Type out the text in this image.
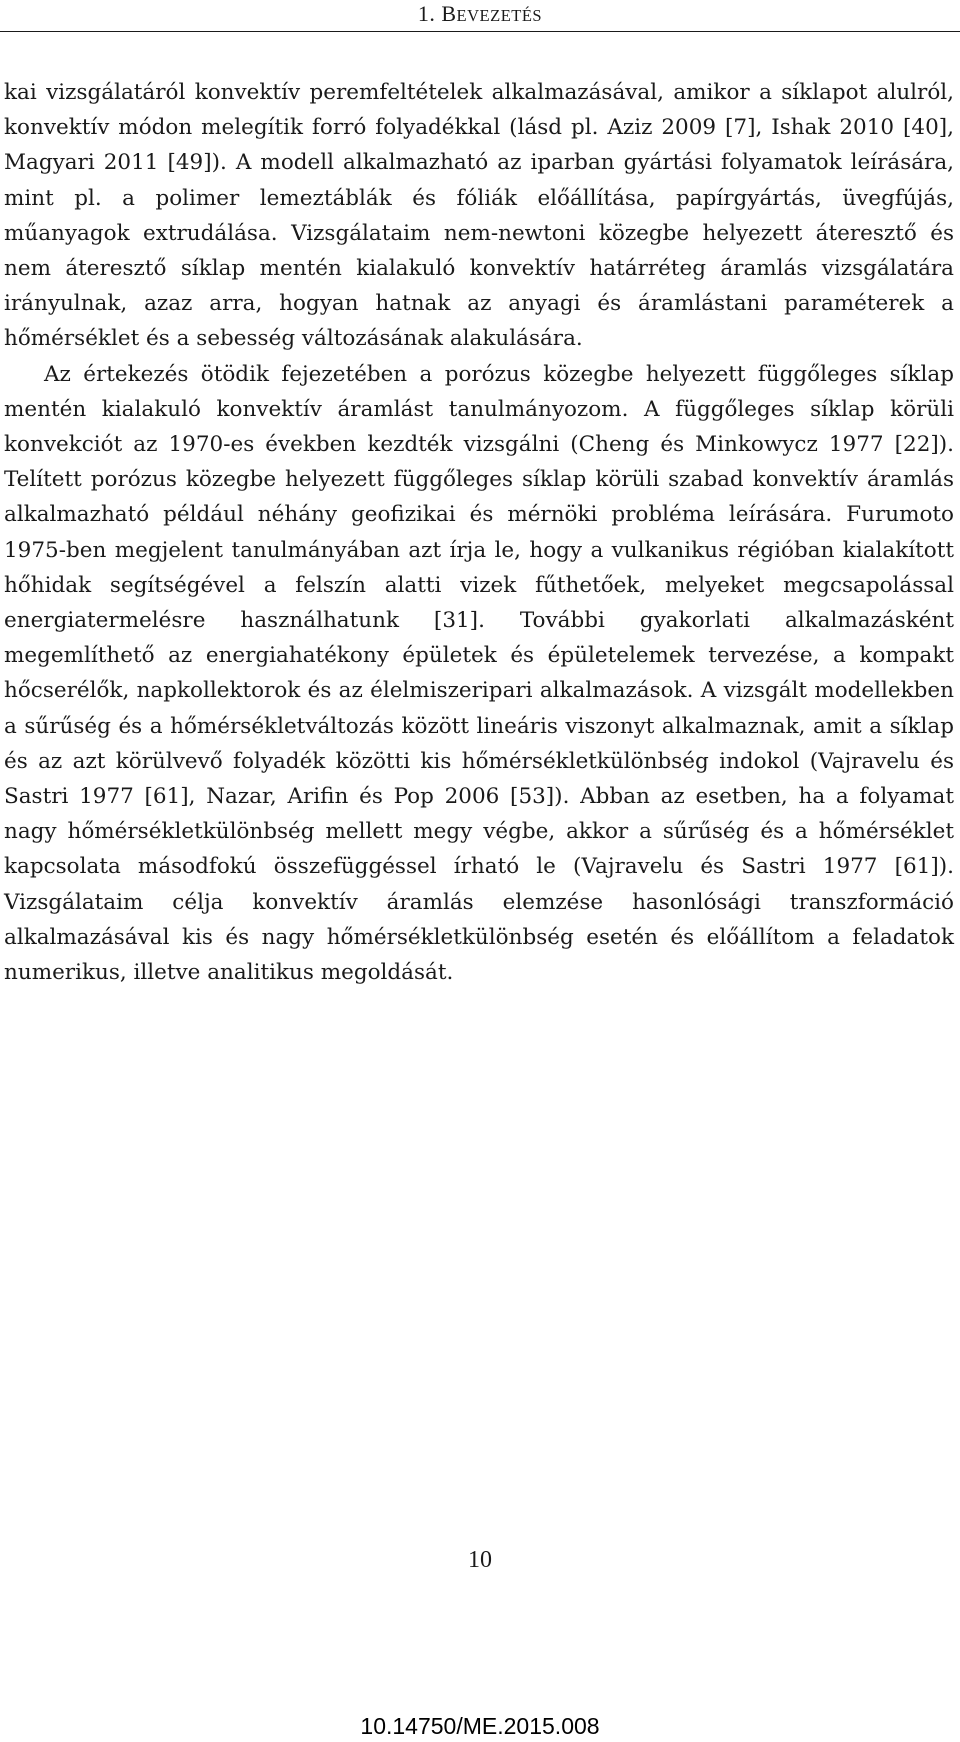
1. BEVEZETÉS

kai vizsgálatáról konvektív peremfeltételek alkalmazásával, amikor a síklapot alulról, konvektív módon melegítik forró folyadékkal (lásd pl. Aziz 2009 [7], Ishak 2010 [40], Magyari 2011 [49]). A modell alkalmazható az iparban gyártási folyamatok leírására, mint pl. a polimer lemeztáblák és fóliák előállítása, papírgyártás, üvegfújás, műanyagok extrudálása. Vizsgálataim nem-newtoni közegbe helyezett áteresztő és nem áteresztő síklap mentén kialakuló konvektív határréteg áramlás vizsgálatára irányulnak, azaz arra, hogyan hatnak az anyagi és áramlástani paraméterek a hőmérséklet és a sebesség változásának alakulására.

Az értekezés ötödik fejezetében a porózus közegbe helyezett függőleges síklap mentén kialakuló konvektív áramlást tanulmányozom. A függőleges síklap körüli konvekciót az 1970-es években kezdték vizsgálni (Cheng és Minkowycz 1977 [22]). Telített porózus közegbe helyezett függőleges síklap körüli szabad konvektív áramlás alkalmazható például néhány geofizikai és mérnöki probléma leírására. Furumoto 1975-ben megjelent tanulmányában azt írja le, hogy a vulkanikus régióban kialakított hőhidak segítségével a felszín alatti vizek fűthetőek, melyeket megcsapolással energiatermelésre használhatunk [31]. További gyakorlati alkalmazásként megemlíthető az energiahatékony épületek és épületelemek tervezése, a kompakt hőcserélők, napkollektorok és az élelmiszeripari alkalmazások. A vizsgált modellekben a sűrűség és a hőmérsékletváltozás között lineáris viszonyt alkalmaznak, amit a síklap és az azt körülvevő folyadék közötti kis hőmérsékletkülönbség indokol (Vajravelu és Sastri 1977 [61], Nazar, Arifin és Pop 2006 [53]). Abban az esetben, ha a folyamat nagy hőmérsékletkülönbség mellett megy végbe, akkor a sűrűség és a hőmérséklet kapcsolata másodfokú összefüggéssel írható le (Vajravelu és Sastri 1977 [61]). Vizsgálataim célja konvektív áramlás elemzése hasonlósági transzformáció alkalmazásával kis és nagy hőmérsékletkülönbség esetén és előállítom a feladatok numerikus, illetve analitikus megoldását.

10
10.14750/ME.2015.008
